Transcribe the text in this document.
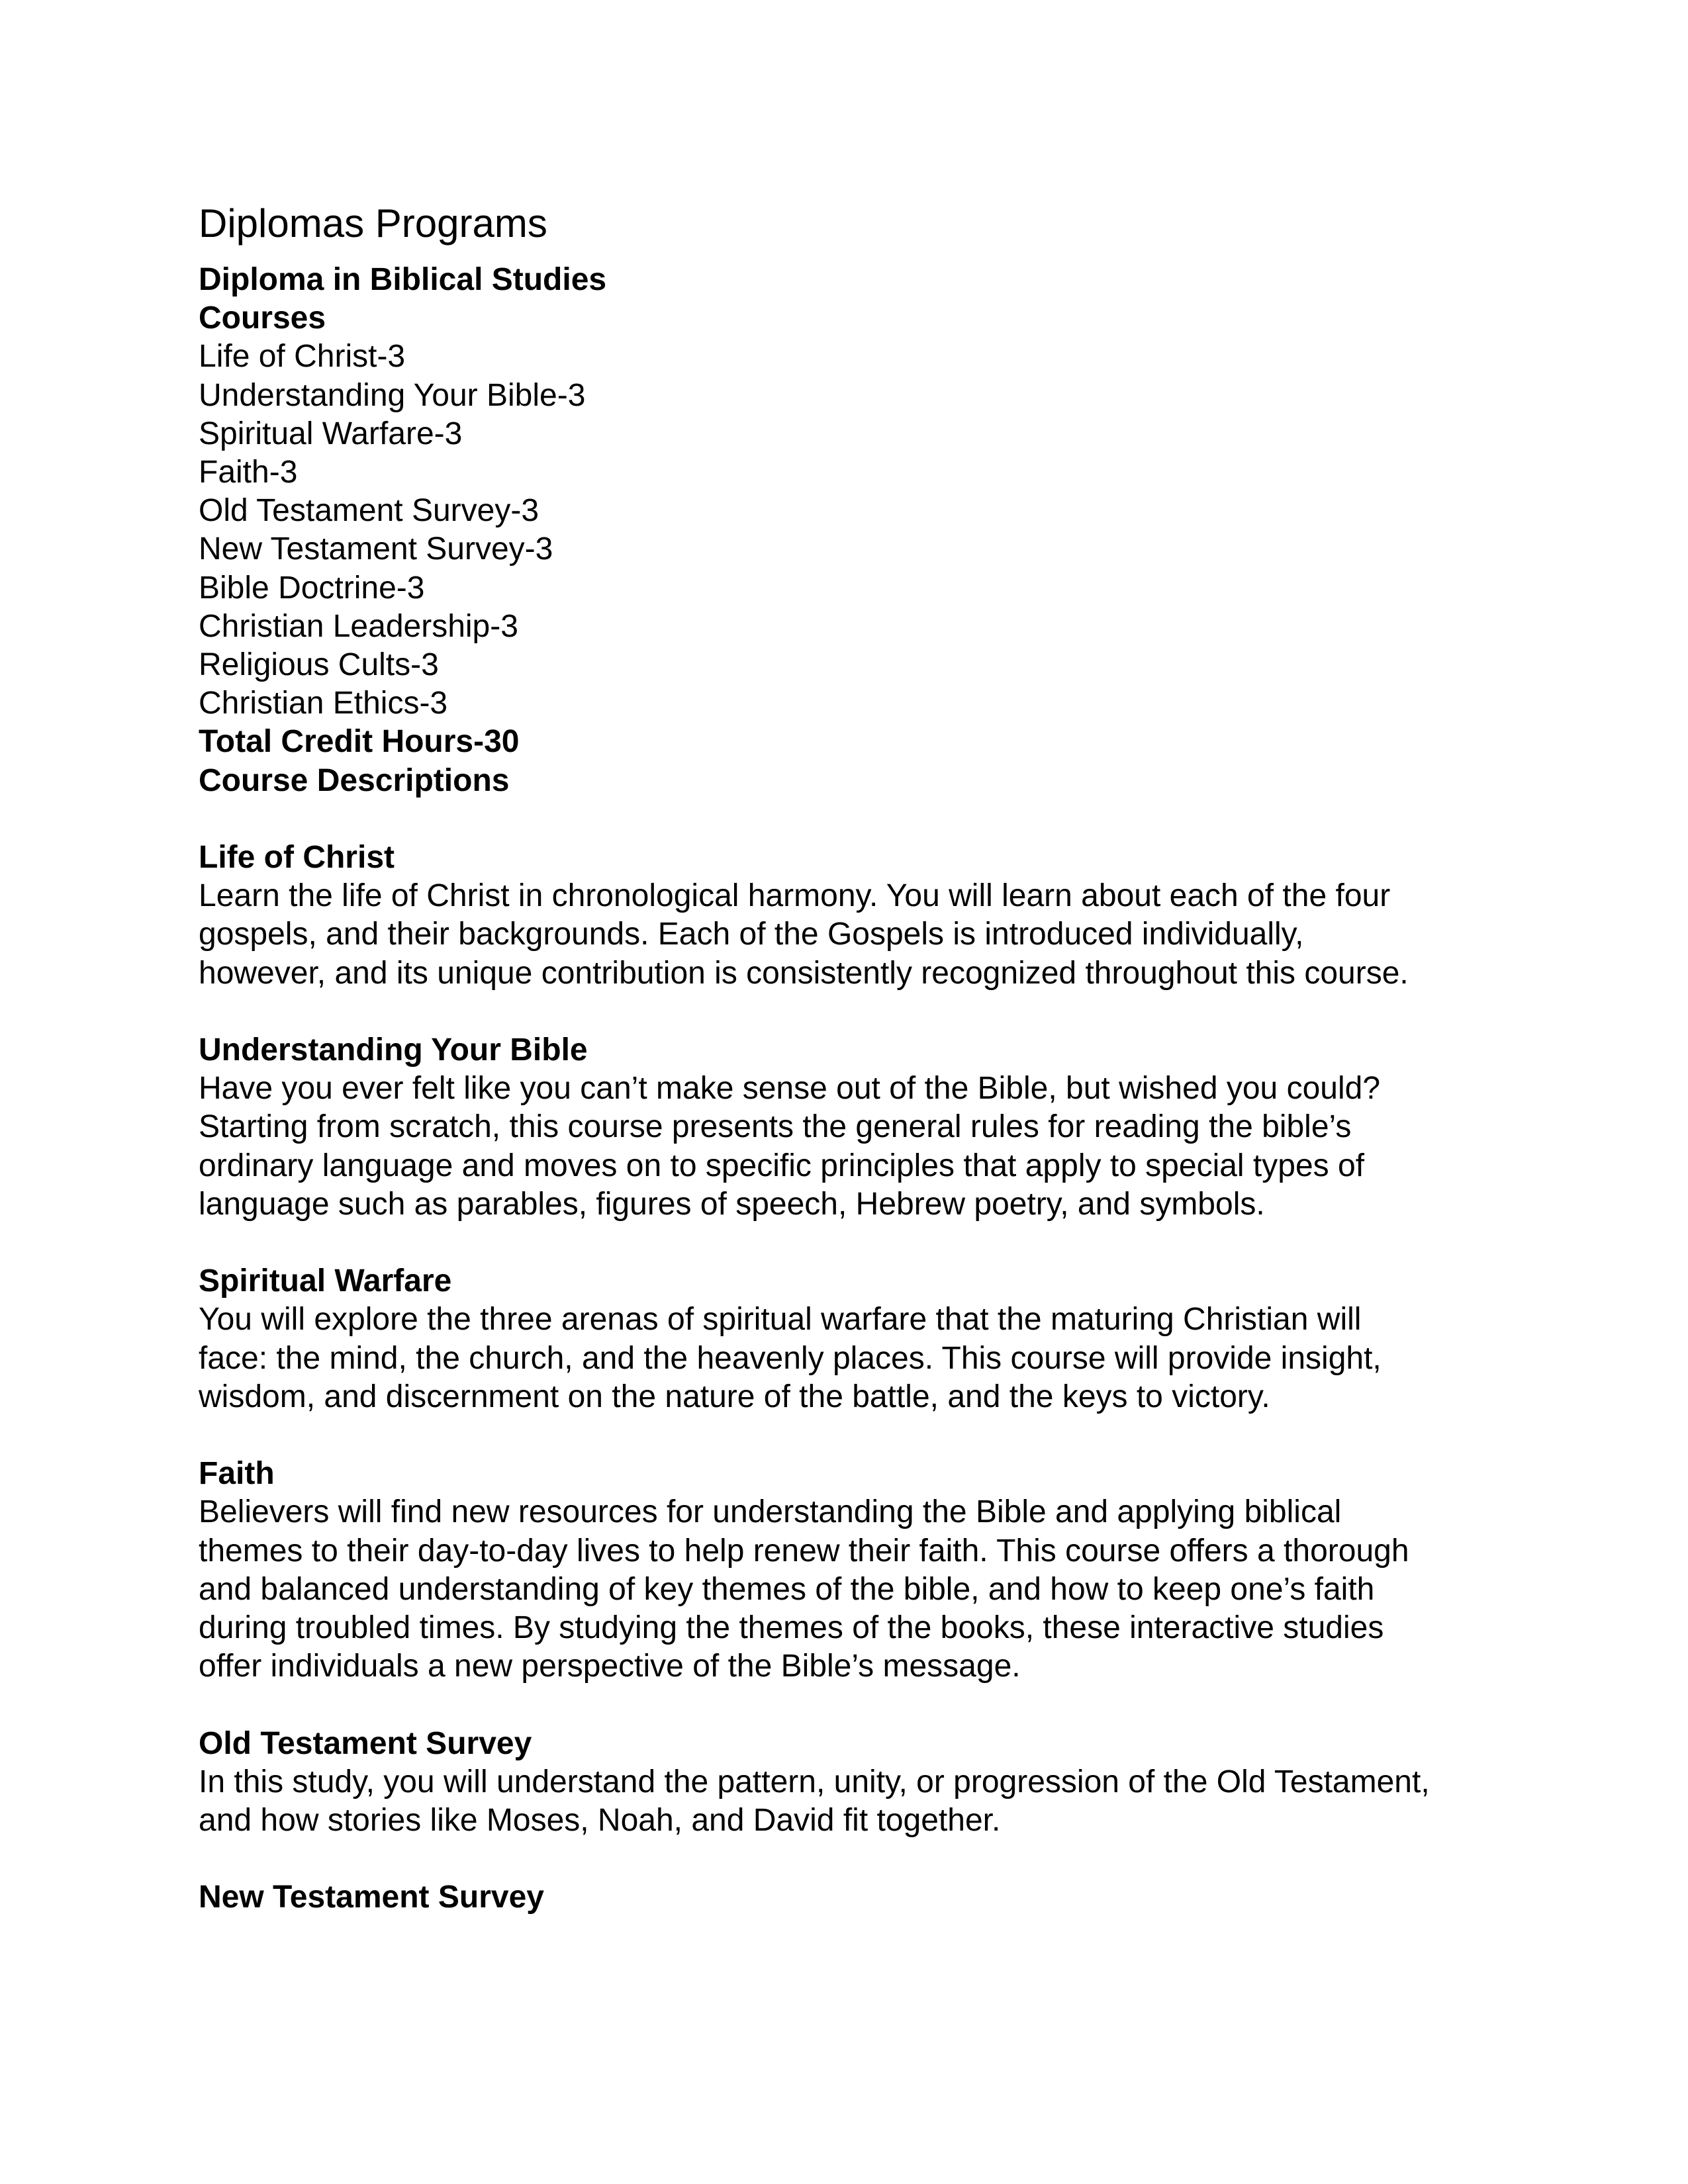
Diplomas Programs
Diploma in Biblical Studies
Courses
Life of Christ-3
Understanding Your Bible-3
Spiritual Warfare-3
Faith-3
Old Testament Survey-3
New Testament Survey-3
Bible Doctrine-3
Christian Leadership-3
Religious Cults-3
Christian Ethics-3
Total Credit Hours-30
Course Descriptions
Life of Christ
Learn the life of Christ in chronological harmony. You will learn about each of the four
gospels, and their backgrounds. Each of the Gospels is introduced individually,
however, and its unique contribution is consistently recognized throughout this course.
Understanding Your Bible
Have you ever felt like you can’t make sense out of the Bible, but wished you could?
Starting from scratch, this course presents the general rules for reading the bible’s
ordinary language and moves on to specific principles that apply to special types of
language such as parables, figures of speech, Hebrew poetry, and symbols.
Spiritual Warfare
You will explore the three arenas of spiritual warfare that the maturing Christian will
face: the mind, the church, and the heavenly places. This course will provide insight,
wisdom, and discernment on the nature of the battle, and the keys to victory.
Faith
Believers will find new resources for understanding the Bible and applying biblical
themes to their day-to-day lives to help renew their faith. This course offers a thorough
and balanced understanding of key themes of the bible, and how to keep one’s faith
during troubled times. By studying the themes of the books, these interactive studies
offer individuals a new perspective of the Bible’s message.
Old Testament Survey
In this study, you will understand the pattern, unity, or progression of the Old Testament,
and how stories like Moses, Noah, and David fit together.
New Testament Survey
